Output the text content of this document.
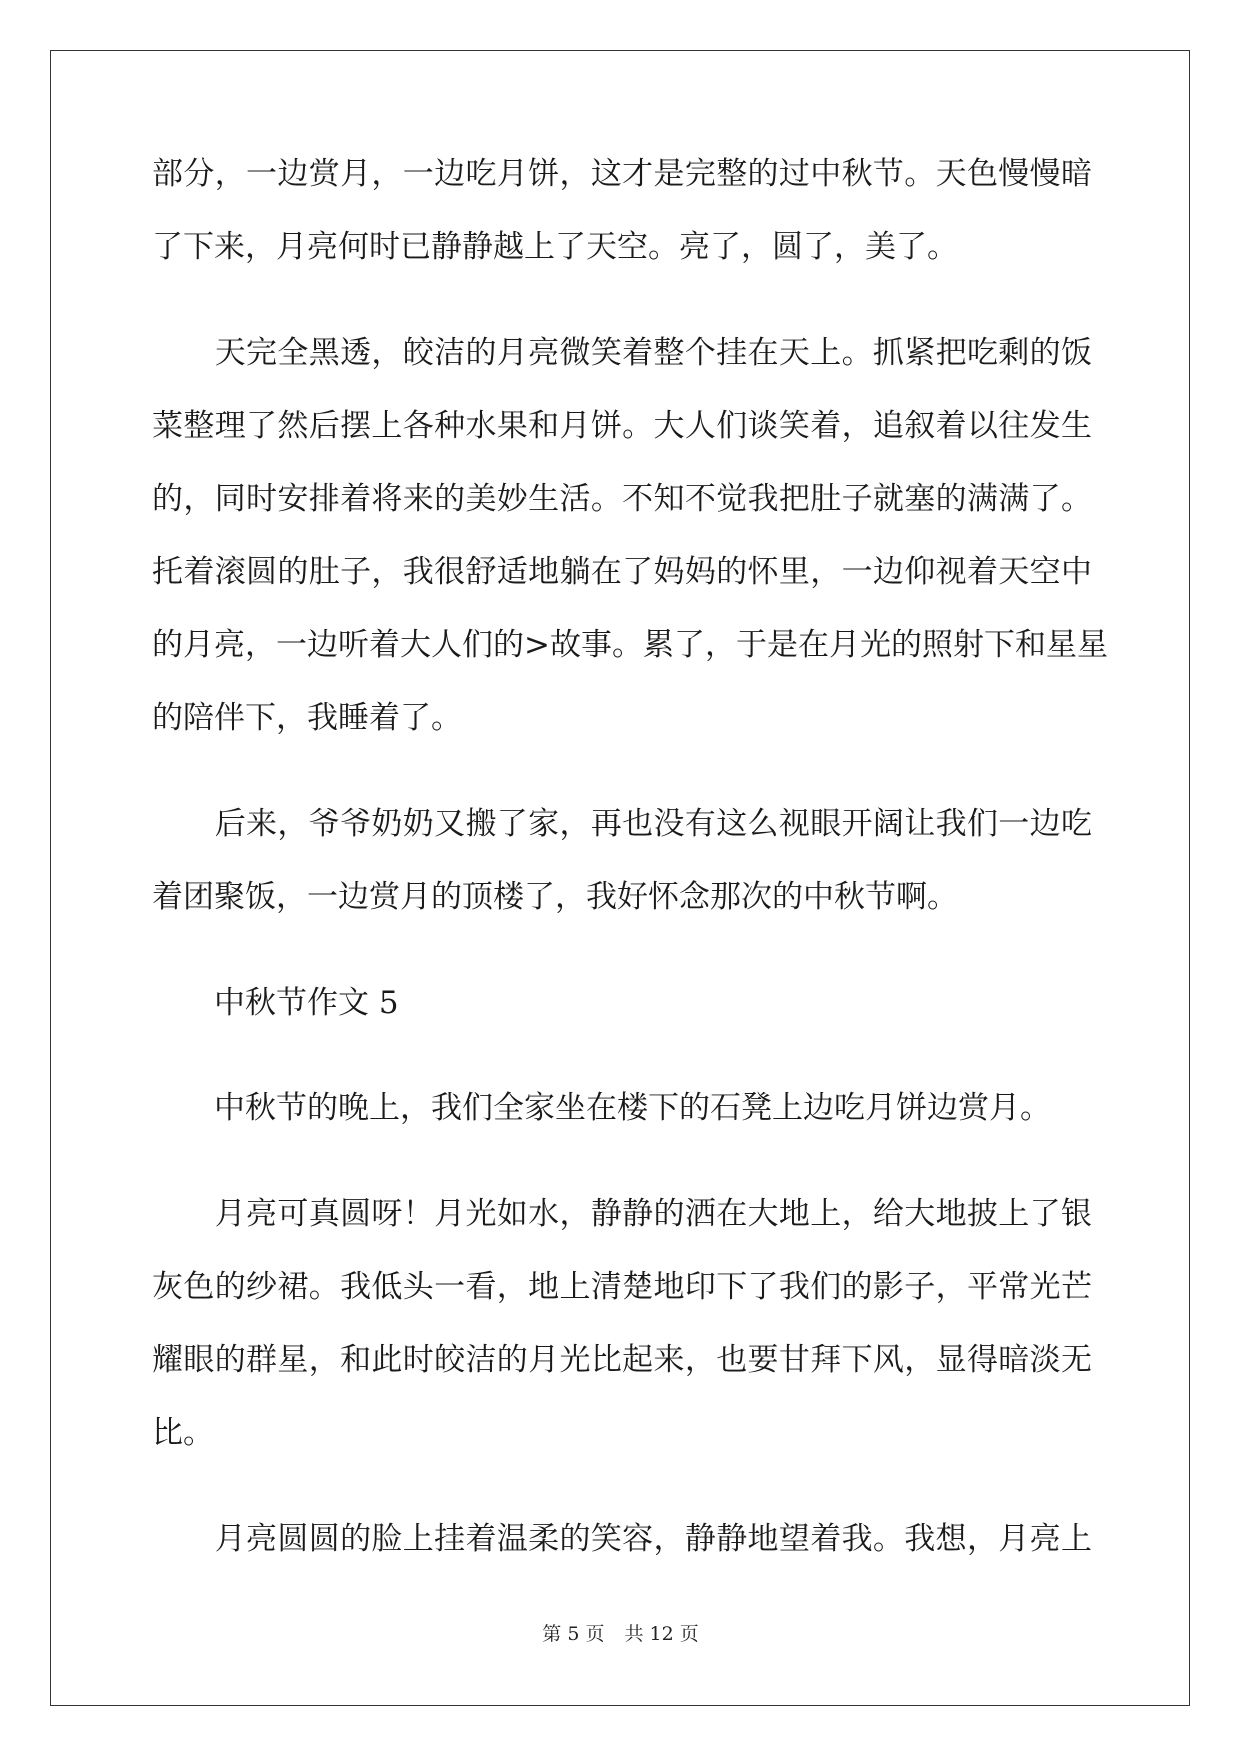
部分，一边赏月，一边吃月饼，这才是完整的过中秋节。天色慢慢暗
了下来，月亮何时已静静越上了天空。亮了，圆了，美了。
　　天完全黑透，皎洁的月亮微笑着整个挂在天上。抓紧把吃剩的饭
菜整理了然后摆上各种水果和月饼。大人们谈笑着，追叙着以往发生
的，同时安排着将来的美妙生活。不知不觉我把肚子就塞的满满了。
托着滚圆的肚子，我很舒适地躺在了妈妈的怀里，一边仰视着天空中
的月亮，一边听着大人们的>故事。累了，于是在月光的照射下和星星
的陪伴下，我睡着了。
　　后来，爷爷奶奶又搬了家，再也没有这么视眼开阔让我们一边吃
着团聚饭，一边赏月的顶楼了，我好怀念那次的中秋节啊。
　　中秋节作文 5
　　中秋节的晚上，我们全家坐在楼下的石凳上边吃月饼边赏月。
　　月亮可真圆呀！月光如水，静静的洒在大地上，给大地披上了银
灰色的纱裙。我低头一看，地上清楚地印下了我们的影子，平常光芒
耀眼的群星，和此时皎洁的月光比起来，也要甘拜下风，显得暗淡无
比。
　　月亮圆圆的脸上挂着温柔的笑容，静静地望着我。我想，月亮上
第 5 页 共 12 页
